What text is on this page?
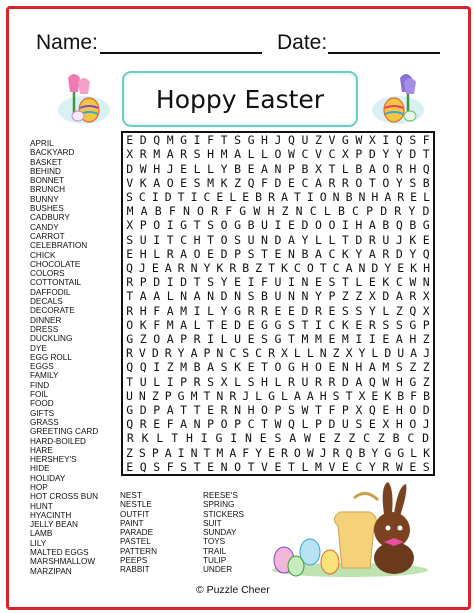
Name:	Date:
Hoppy Easter
APRIL
BACKYARD
BASKET
BEHIND
BONNET
BRUNCH
BUNNY
BUSHES
CADBURY
CANDY
CARROT
CELEBRATION
CHICK
CHOCOLATE
COLORS
COTTONTAIL
DAFFODIL
DECALS
DECORATE
DINNER
DRESS
DUCKLING
DYE
EGG ROLL
EGGS
FAMILY
FIND
FOIL
FOOD
GIFTS
GRASS
GREETING CARD
HARD-BOILED
HARE
HERSHEY'S
HIDE
HOLIDAY
HOP
HOT CROSS BUN
HUNT
HYACINTH
JELLY BEAN
LAMB
LILY
MALTED EGGS
MARSHMALLOW
MARZIPAN
NEST
NESTLE
OUTFIT
PAINT
PARADE
PASTEL
PATTERN
PEEPS
RABBIT
REESE'S
SPRING
STICKERS
SUIT
SUNDAY
TOYS
TRAIL
TULIP
UNDER
E D Q M G I F T S G H J Q U Z V G W X I Q S F
X R M A R S H M A L L O W C V C X P D Y Y D T
D W H J E L L Y B E A N P B X T L B A O R H Q
V K A O E S M K Z Q F D E C A R R O T O Y S B
S C I D T I C E L E B R A T I O N B N H A R E L
M A B F N O R F G W H Z N C L B C P D R Y D
X P O I G T S O G B U I E D O O I H A B Q B G
S U I T C H T O S U N D A Y L L T D R U J K E
E H L R A O E D P S T E N B A C K Y A R D Y Q
Q J E A R N Y K R B Z T K C O T C A N D Y E K H
R P D I D T S Y E I F U I N E S T L E K C W N
T A A L N A N D N S B U N N Y P Z Z X D A R X
R H F A M I L Y G R R E E D R E S S Y L Z Q X
O K F M A L T E D E G G S T I C K E R S S G P
G Z O A P R I L U E S G T M M E M I I E A H Z
R V D R Y A P N C S C R X L L N Z X Y L D U A J
Q Q I Z M B A S K E T O G H O E N H A M S Z Z
T U L I P R S X L S H L R U R R D A Q W H G Z
U N Z P G M T N R J L G L A A H S T X E K B F B
G D P A T T E R N H O P S W T F P X Q E H O D
Q R E F A N P O P C T W Q L P D U S E X H O J
R K L T H I G I N E S A W E Z Z C Z B C D
Z S P A I N T M A F Y E R O W J R Q B Y G G L K
E Q S F S T E N O T V E T L M V E C Y R W E S
© Puzzle Cheer
